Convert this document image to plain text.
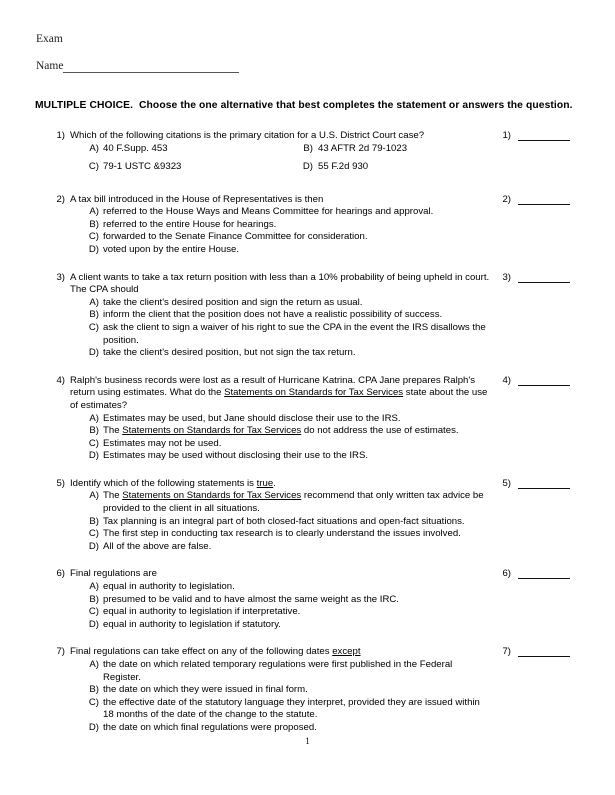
Exam
Name
MULTIPLE CHOICE.  Choose the one alternative that best completes the statement or answers the question.
1) Which of the following citations is the primary citation for a U.S. District Court case?
A) 40 F.Supp. 453	B) 43 AFTR 2d 79-1023
C) 79-1 USTC &9323	D) 55 F.2d 930
1)
2) A tax bill introduced in the House of Representatives is then
A) referred to the House Ways and Means Committee for hearings and approval.
B) referred to the entire House for hearings.
C) forwarded to the Senate Finance Committee for consideration.
D) voted upon by the entire House.
2)
3) A client wants to take a tax return position with less than a 10% probability of being upheld in court. The CPA should
A) take the client's desired position and sign the return as usual.
B) inform the client that the position does not have a realistic possibility of success.
C) ask the client to sign a waiver of his right to sue the CPA in the event the IRS disallows the position.
D) take the client's desired position, but not sign the tax return.
3)
4) Ralph's business records were lost as a result of Hurricane Katrina. CPA Jane prepares Ralph's return using estimates. What do the Statements on Standards for Tax Services state about the use of estimates?
A) Estimates may be used, but Jane should disclose their use to the IRS.
B) The Statements on Standards for Tax Services do not address the use of estimates.
C) Estimates may not be used.
D) Estimates may be used without disclosing their use to the IRS.
4)
5) Identify which of the following statements is true.
A) The Statements on Standards for Tax Services recommend that only written tax advice be provided to the client in all situations.
B) Tax planning is an integral part of both closed-fact situations and open-fact situations.
C) The first step in conducting tax research is to clearly understand the issues involved.
D) All of the above are false.
5)
6) Final regulations are
A) equal in authority to legislation.
B) presumed to be valid and to have almost the same weight as the IRC.
C) equal in authority to legislation if interpretative.
D) equal in authority to legislation if statutory.
6)
7) Final regulations can take effect on any of the following dates except
A) the date on which related temporary regulations were first published in the Federal Register.
B) the date on which they were issued in final form.
C) the effective date of the statutory language they interpret, provided they are issued within 18 months of the date of the change to the statute.
D) the date on which final regulations were proposed.
7)
1
